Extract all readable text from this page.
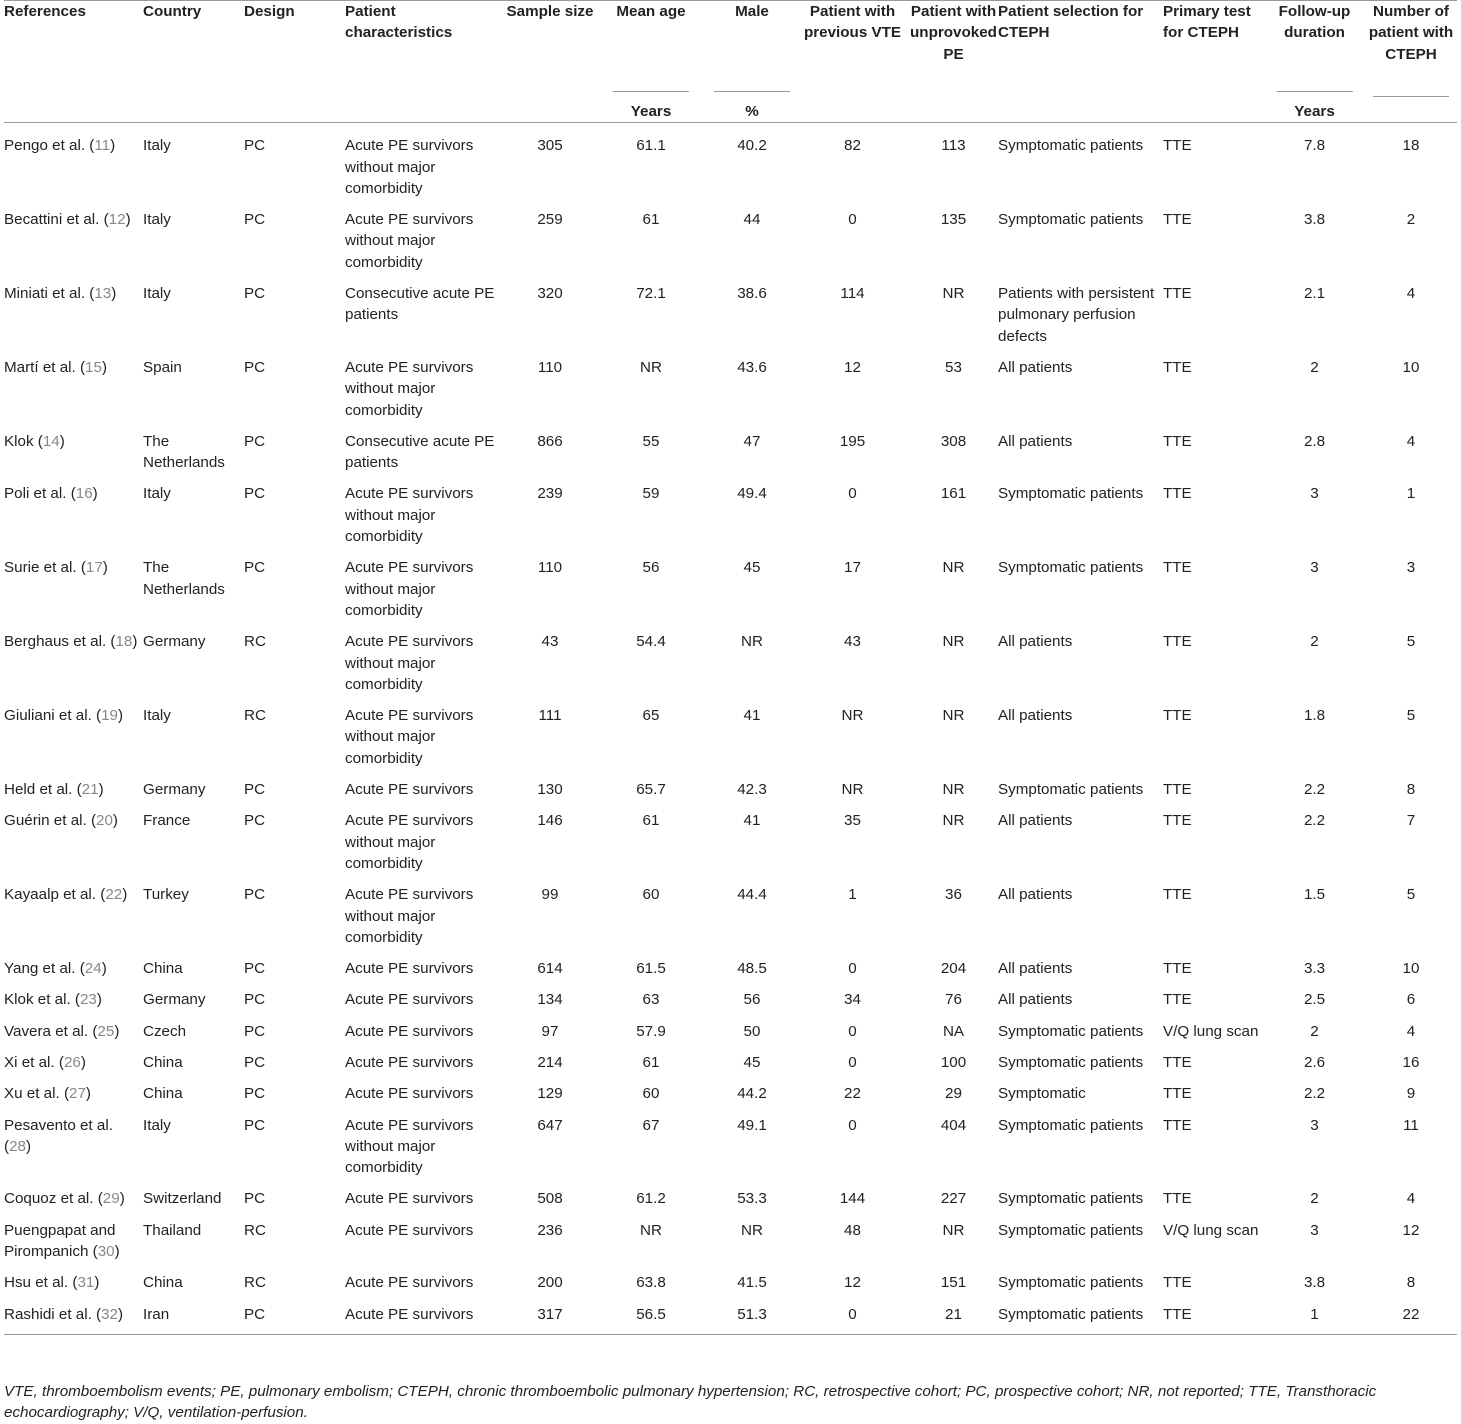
References	Country	Design	Patient characteristics	Sample size	Mean age	Male	Patient with previous VTE	Patient with unprovoked PE	Patient selection for CTEPH	Primary test for CTEPH	Follow-up duration	Number of patient with CTEPH
					Years	%					Years	
Pengo et al. (11)	Italy	PC	Acute PE survivors without major comorbidity	305	61.1	40.2	82	113	Symptomatic patients	TTE	7.8	18
Becattini et al. (12)	Italy	PC	Acute PE survivors without major comorbidity	259	61	44	0	135	Symptomatic patients	TTE	3.8	2
Miniati et al. (13)	Italy	PC	Consecutive acute PE patients	320	72.1	38.6	114	NR	Patients with persistent pulmonary perfusion defects	TTE	2.1	4
Martí et al. (15)	Spain	PC	Acute PE survivors without major comorbidity	110	NR	43.6	12	53	All patients	TTE	2	10
Klok (14)	The Netherlands	PC	Consecutive acute PE patients	866	55	47	195	308	All patients	TTE	2.8	4
Poli et al. (16)	Italy	PC	Acute PE survivors without major comorbidity	239	59	49.4	0	161	Symptomatic patients	TTE	3	1
Surie et al. (17)	The Netherlands	PC	Acute PE survivors without major comorbidity	110	56	45	17	NR	Symptomatic patients	TTE	3	3
Berghaus et al. (18)	Germany	RC	Acute PE survivors without major comorbidity	43	54.4	NR	43	NR	All patients	TTE	2	5
Giuliani et al. (19)	Italy	RC	Acute PE survivors without major comorbidity	111	65	41	NR	NR	All patients	TTE	1.8	5
Held et al. (21)	Germany	PC	Acute PE survivors	130	65.7	42.3	NR	NR	Symptomatic patients	TTE	2.2	8
Guérin et al. (20)	France	PC	Acute PE survivors without major comorbidity	146	61	41	35	NR	All patients	TTE	2.2	7
Kayaalp et al. (22)	Turkey	PC	Acute PE survivors without major comorbidity	99	60	44.4	1	36	All patients	TTE	1.5	5
Yang et al. (24)	China	PC	Acute PE survivors	614	61.5	48.5	0	204	All patients	TTE	3.3	10
Klok et al. (23)	Germany	PC	Acute PE survivors	134	63	56	34	76	All patients	TTE	2.5	6
Vavera et al. (25)	Czech	PC	Acute PE survivors	97	57.9	50	0	NA	Symptomatic patients	V/Q lung scan	2	4
Xi et al. (26)	China	PC	Acute PE survivors	214	61	45	0	100	Symptomatic patients	TTE	2.6	16
Xu et al. (27)	China	PC	Acute PE survivors	129	60	44.2	22	29	Symptomatic	TTE	2.2	9
Pesavento et al. (28)	Italy	PC	Acute PE survivors without major comorbidity	647	67	49.1	0	404	Symptomatic patients	TTE	3	11
Coquoz et al. (29)	Switzerland	PC	Acute PE survivors	508	61.2	53.3	144	227	Symptomatic patients	TTE	2	4
Puengpapat and Pirompanich (30)	Thailand	RC	Acute PE survivors	236	NR	NR	48	NR	Symptomatic patients	V/Q lung scan	3	12
Hsu et al. (31)	China	RC	Acute PE survivors	200	63.8	41.5	12	151	Symptomatic patients	TTE	3.8	8
Rashidi et al. (32)	Iran	PC	Acute PE survivors	317	56.5	51.3	0	21	Symptomatic patients	TTE	1	22
VTE, thromboembolism events; PE, pulmonary embolism; CTEPH, chronic thromboembolic pulmonary hypertension; RC, retrospective cohort; PC, prospective cohort; NR, not reported; TTE, Transthoracic echocardiography; V/Q, ventilation-perfusion.
